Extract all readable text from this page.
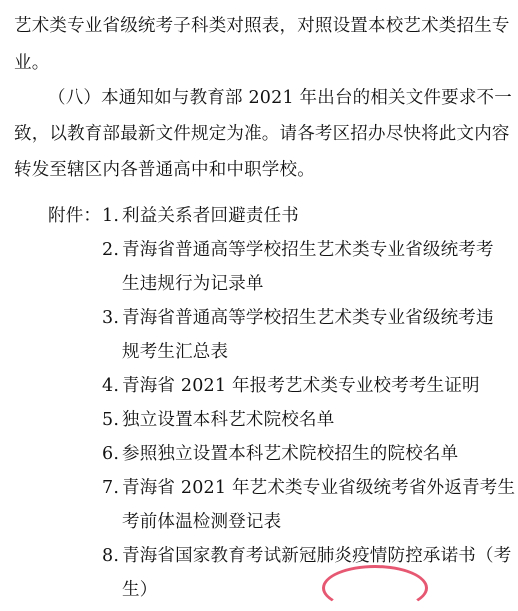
艺术类专业省级统考子科类对照表，对照设置本校艺术类招生专
业。
（八）本通知如与教育部 2021 年出台的相关文件要求不一
致，以教育部最新文件规定为准。请各考区招办尽快将此文内容
转发至辖区内各普通高中和中职学校。
附件： 1. 利益关系者回避责任书
2. 青海省普通高等学校招生艺术类专业省级统考考
生违规行为记录单
3. 青海省普通高等学校招生艺术类专业省级统考违
规考生汇总表
4. 青海省 2021 年报考艺术类专业校考考生证明
5. 独立设置本科艺术院校名单
6. 参照独立设置本科艺术院校招生的院校名单
7. 青海省 2021 年艺术类专业省级统考省外返青考生
考前体温检测登记表
8. 青海省国家教育考试新冠肺炎疫情防控承诺书（考
生）
